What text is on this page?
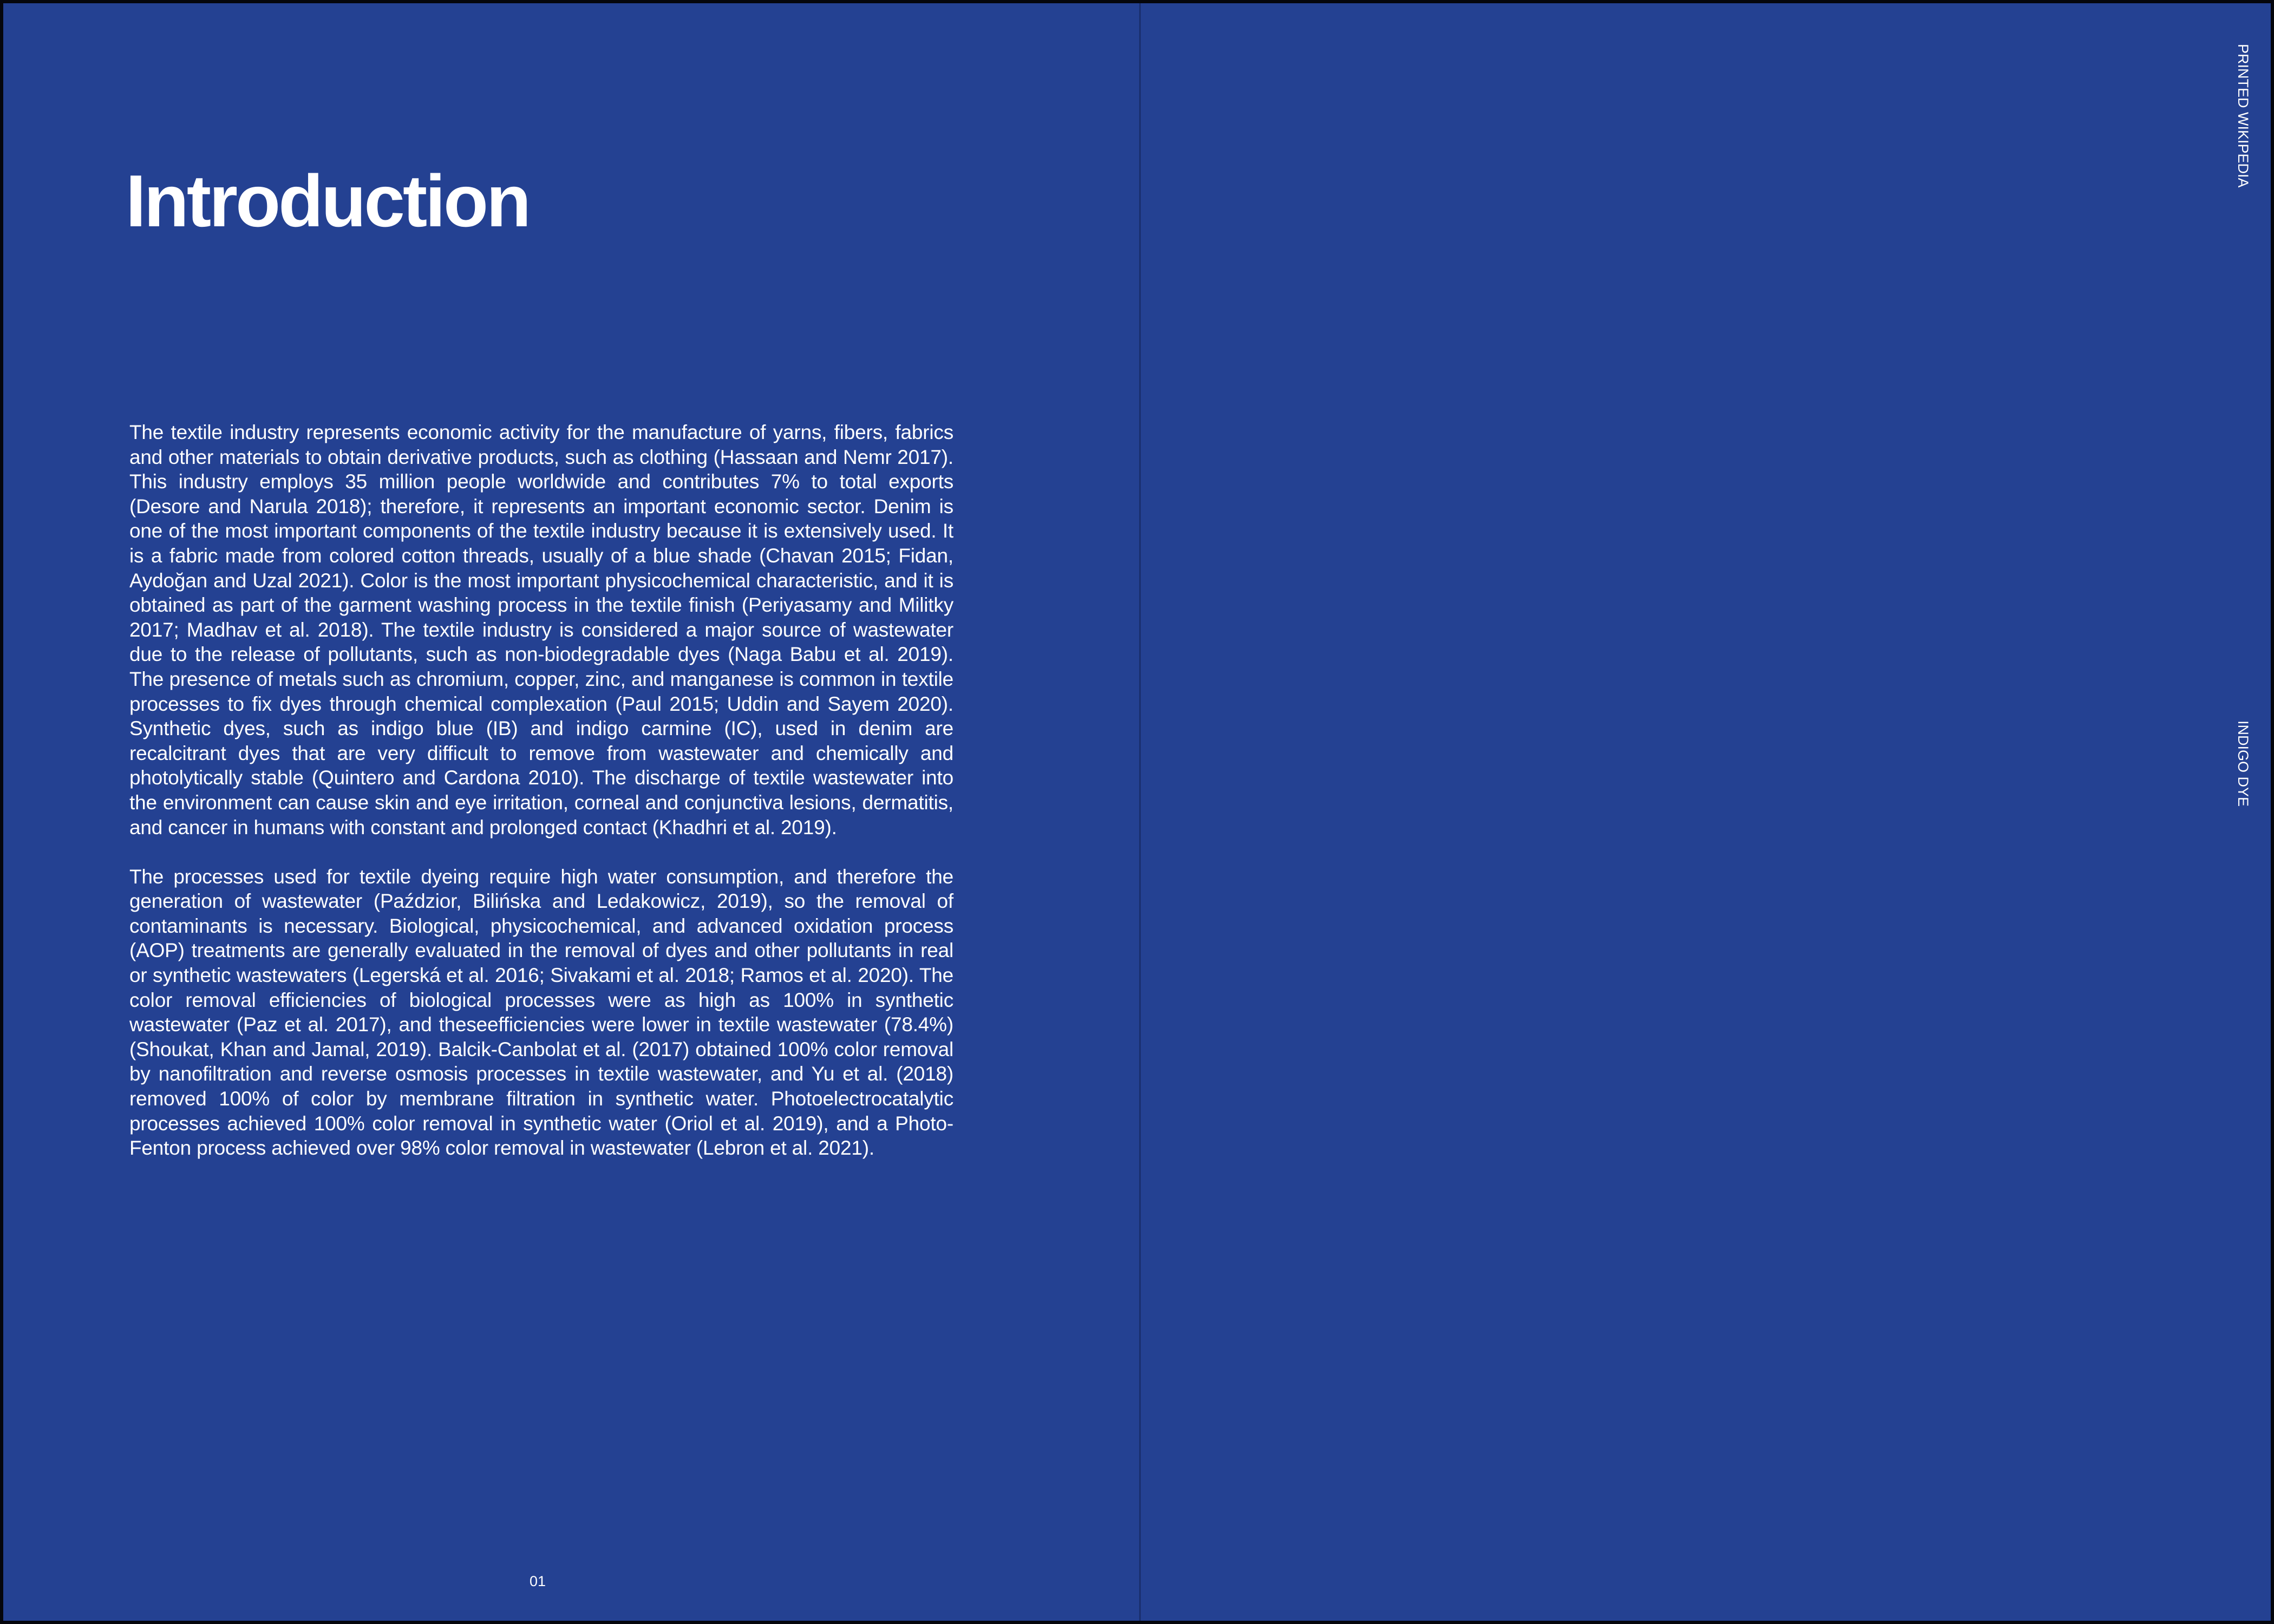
Introduction

The textile industry represents economic activity for the manufacture of yarns, fibers, fabrics and other materials to obtain derivative products, such as clothing (Hassaan and Nemr 2017). This industry employs 35 million people worldwide and contributes 7% to total exports (Desore and Narula 2018); therefore, it represents an important economic sector. Denim is one of the most important components of the textile industry because it is extensively used. It is a fabric made from colored cotton threads, usually of a blue shade (Chavan 2015; Fidan, Aydoğan and Uzal 2021). Color is the most important physicochemical characteristic, and it is obtained as part of the garment washing process in the textile finish (Periyasamy and Militky 2017; Madhav et al. 2018). The textile industry is considered a major source of wastewater due to the release of pollutants, such as non-biodegradable dyes (Naga Babu et al. 2019). The presence of metals such as chromium, copper, zinc, and manganese is common in textile processes to fix dyes through chemical complexation (Paul 2015; Uddin and Sayem 2020). Synthetic dyes, such as indigo blue (IB) and indigo carmine (IC), used in denim are recalcitrant dyes that are very difficult to remove from wastewater and chemically and photolytically stable (Quintero and Cardona 2010). The discharge of textile wastewater into the environment can cause skin and eye irritation, corneal and conjunctiva lesions, dermatitis, and cancer in humans with constant and prolonged contact (Khadhri et al. 2019).

The processes used for textile dyeing require high water consumption, and therefore the generation of wastewater (Paździor, Bilińska and Ledakowicz, 2019), so the removal of contaminants is necessary. Biological, physicochemical, and advanced oxidation process (AOP) treatments are generally evaluated in the removal of dyes and other pollutants in real or synthetic wastewaters (Legerská et al. 2016; Sivakami et al. 2018; Ramos et al. 2020). The color removal efficiencies of biological processes were as high as 100% in synthetic wastewater (Paz et al. 2017), and theseefficiencies were lower in textile wastewater (78.4%) (Shoukat, Khan and Jamal, 2019). Balcik-Canbolat et al. (2017) obtained 100% color removal by nanofiltration and reverse osmosis processes in textile wastewater, and Yu et al. (2018) removed 100% of color by membrane filtration in synthetic water. Photoelectrocatalytic processes achieved 100% color removal in synthetic water (Oriol et al. 2019), and a Photo-Fenton process achieved over 98% color removal in wastewater (Lebron et al. 2021).

01

PRINTED WIKIPEDIA
INDIGO DYE
